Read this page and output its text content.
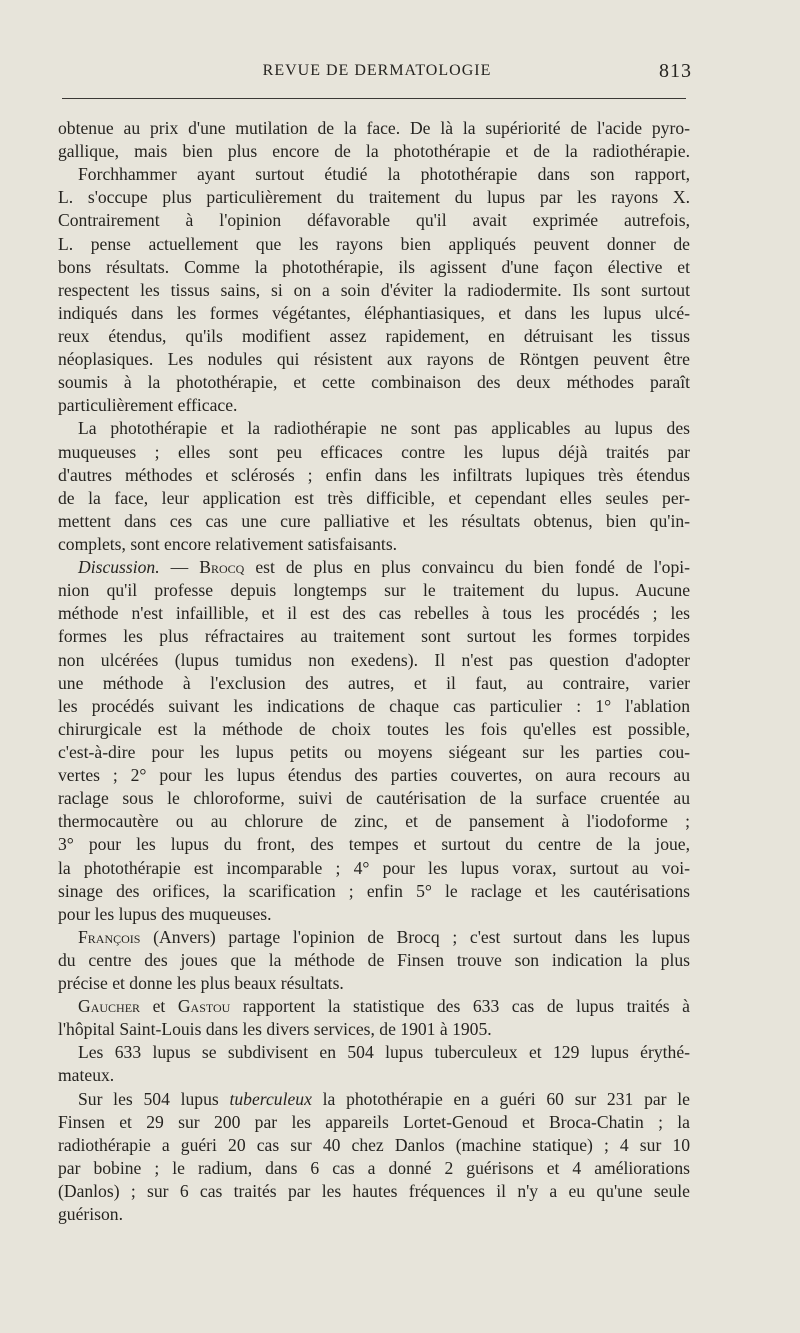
REVUE DE DERMATOLOGIE	813
obtenue au prix d'une mutilation de la face. De là la supériorité de l'acide pyro-
gallique, mais bien plus encore de la photothérapie et de la radiothérapie.
Forchhammer ayant surtout étudié la photothérapie dans son rapport,
L. s'occupe plus particulièrement du traitement du lupus par les rayons X.
Contrairement à l'opinion défavorable qu'il avait exprimée autrefois,
L. pense actuellement que les rayons bien appliqués peuvent donner de
bons résultats. Comme la photothérapie, ils agissent d'une façon élective et
respectent les tissus sains, si on a soin d'éviter la radiodermite. Ils sont surtout
indiqués dans les formes végétantes, éléphantiasiques, et dans les lupus ulcé-
reux étendus, qu'ils modifient assez rapidement, en détruisant les tissus
néoplasiques. Les nodules qui résistent aux rayons de Röntgen peuvent être
soumis à la photothérapie, et cette combinaison des deux méthodes paraît
particulièrement efficace.
La photothérapie et la radiothérapie ne sont pas applicables au lupus des
muqueuses ; elles sont peu efficaces contre les lupus déjà traités par
d'autres méthodes et sclérosés ; enfin dans les infiltrats lupiques très étendus
de la face, leur application est très difficible, et cependant elles seules per-
mettent dans ces cas une cure palliative et les résultats obtenus, bien qu'in-
complets, sont encore relativement satisfaisants.
Discussion. — Brocq est de plus en plus convaincu du bien fondé de l'opi-
nion qu'il professe depuis longtemps sur le traitement du lupus. Aucune
méthode n'est infaillible, et il est des cas rebelles à tous les procédés ; les
formes les plus réfractaires au traitement sont surtout les formes torpides
non ulcérées (lupus tumidus non exedens). Il n'est pas question d'adopter
une méthode à l'exclusion des autres, et il faut, au contraire, varier
les procédés suivant les indications de chaque cas particulier : 1° l'ablation
chirurgicale est la méthode de choix toutes les fois qu'elles est possible,
c'est-à-dire pour les lupus petits ou moyens siégeant sur les parties cou-
vertes ; 2° pour les lupus étendus des parties couvertes, on aura recours au
raclage sous le chloroforme, suivi de cautérisation de la surface cruentée au
thermocautère ou au chlorure de zinc, et de pansement à l'iodoforme ;
3° pour les lupus du front, des tempes et surtout du centre de la joue,
la photothérapie est incomparable ; 4° pour les lupus vorax, surtout au voi-
sinage des orifices, la scarification ; enfin 5° le raclage et les cautérisations
pour les lupus des muqueuses.
François (Anvers) partage l'opinion de Brocq ; c'est surtout dans les lupus
du centre des joues que la méthode de Finsen trouve son indication la plus
précise et donne les plus beaux résultats.
Gaucher et Gastou rapportent la statistique des 633 cas de lupus traités à
l'hôpital Saint-Louis dans les divers services, de 1901 à 1905.
Les 633 lupus se subdivisent en 504 lupus tuberculeux et 129 lupus érythé-
mateux.
Sur les 504 lupus tuberculeux la photothérapie en a guéri 60 sur 231 par le
Finsen et 29 sur 200 par les appareils Lortet-Genoud et Broca-Chatin ; la
radiothérapie a guéri 20 cas sur 40 chez Danlos (machine statique) ; 4 sur 10
par bobine ; le radium, dans 6 cas a donné 2 guérisons et 4 améliorations
(Danlos) ; sur 6 cas traités par les hautes fréquences il n'y a eu qu'une seule
guérison.
